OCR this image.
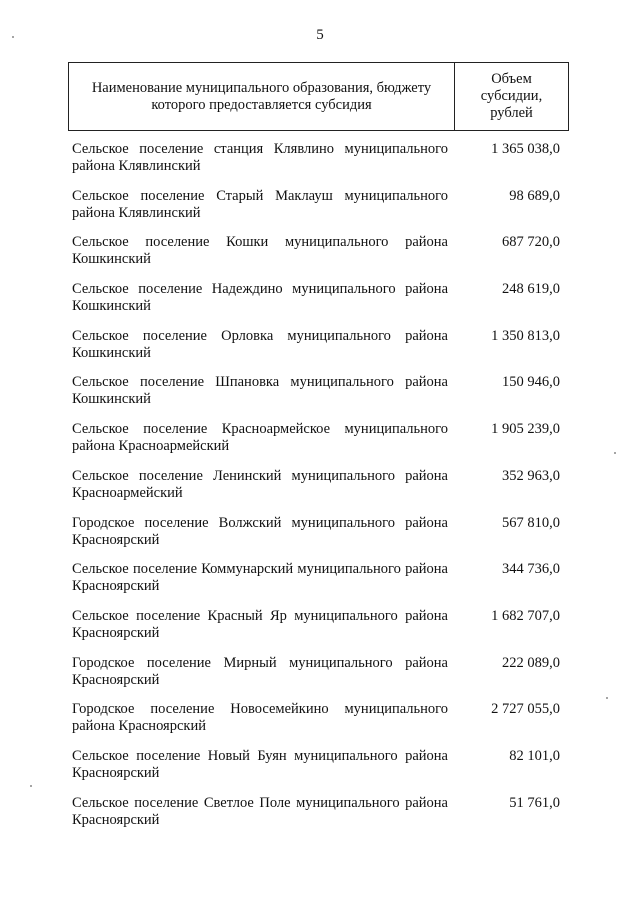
5
Наименование муниципального образования, бюджету которого предоставляется субсидия
Объем
субсидии,
рублей
Сельское поселение станция Клявлино муниципального района Клявлинский
1 365 038,0
Сельское поселение Старый Маклауш муниципального района Клявлинский
98 689,0
Сельское поселение Кошки муниципального района Кошкинский
687 720,0
Сельское поселение Надеждино муниципального района Кошкинский
248 619,0
Сельское поселение Орловка муниципального района Кошкинский
1 350 813,0
Сельское поселение Шпановка муниципального района Кошкинский
150 946,0
Сельское поселение Красноармейское муниципального района Красноармейский
1 905 239,0
Сельское поселение Ленинский муниципального района Красноармейский
352 963,0
Городское поселение Волжский муниципального района Красноярский
567 810,0
Сельское поселение Коммунарский муниципального района Красноярский
344 736,0
Сельское поселение Красный Яр муниципального района Красноярский
1 682 707,0
Городское поселение Мирный муниципального района Красноярский
222 089,0
Городское поселение Новосемейкино муниципального района Красноярский
2 727 055,0
Сельское поселение Новый Буян муниципального района Красноярский
82 101,0
Сельское поселение Светлое Поле муниципального района Красноярский
51 761,0
